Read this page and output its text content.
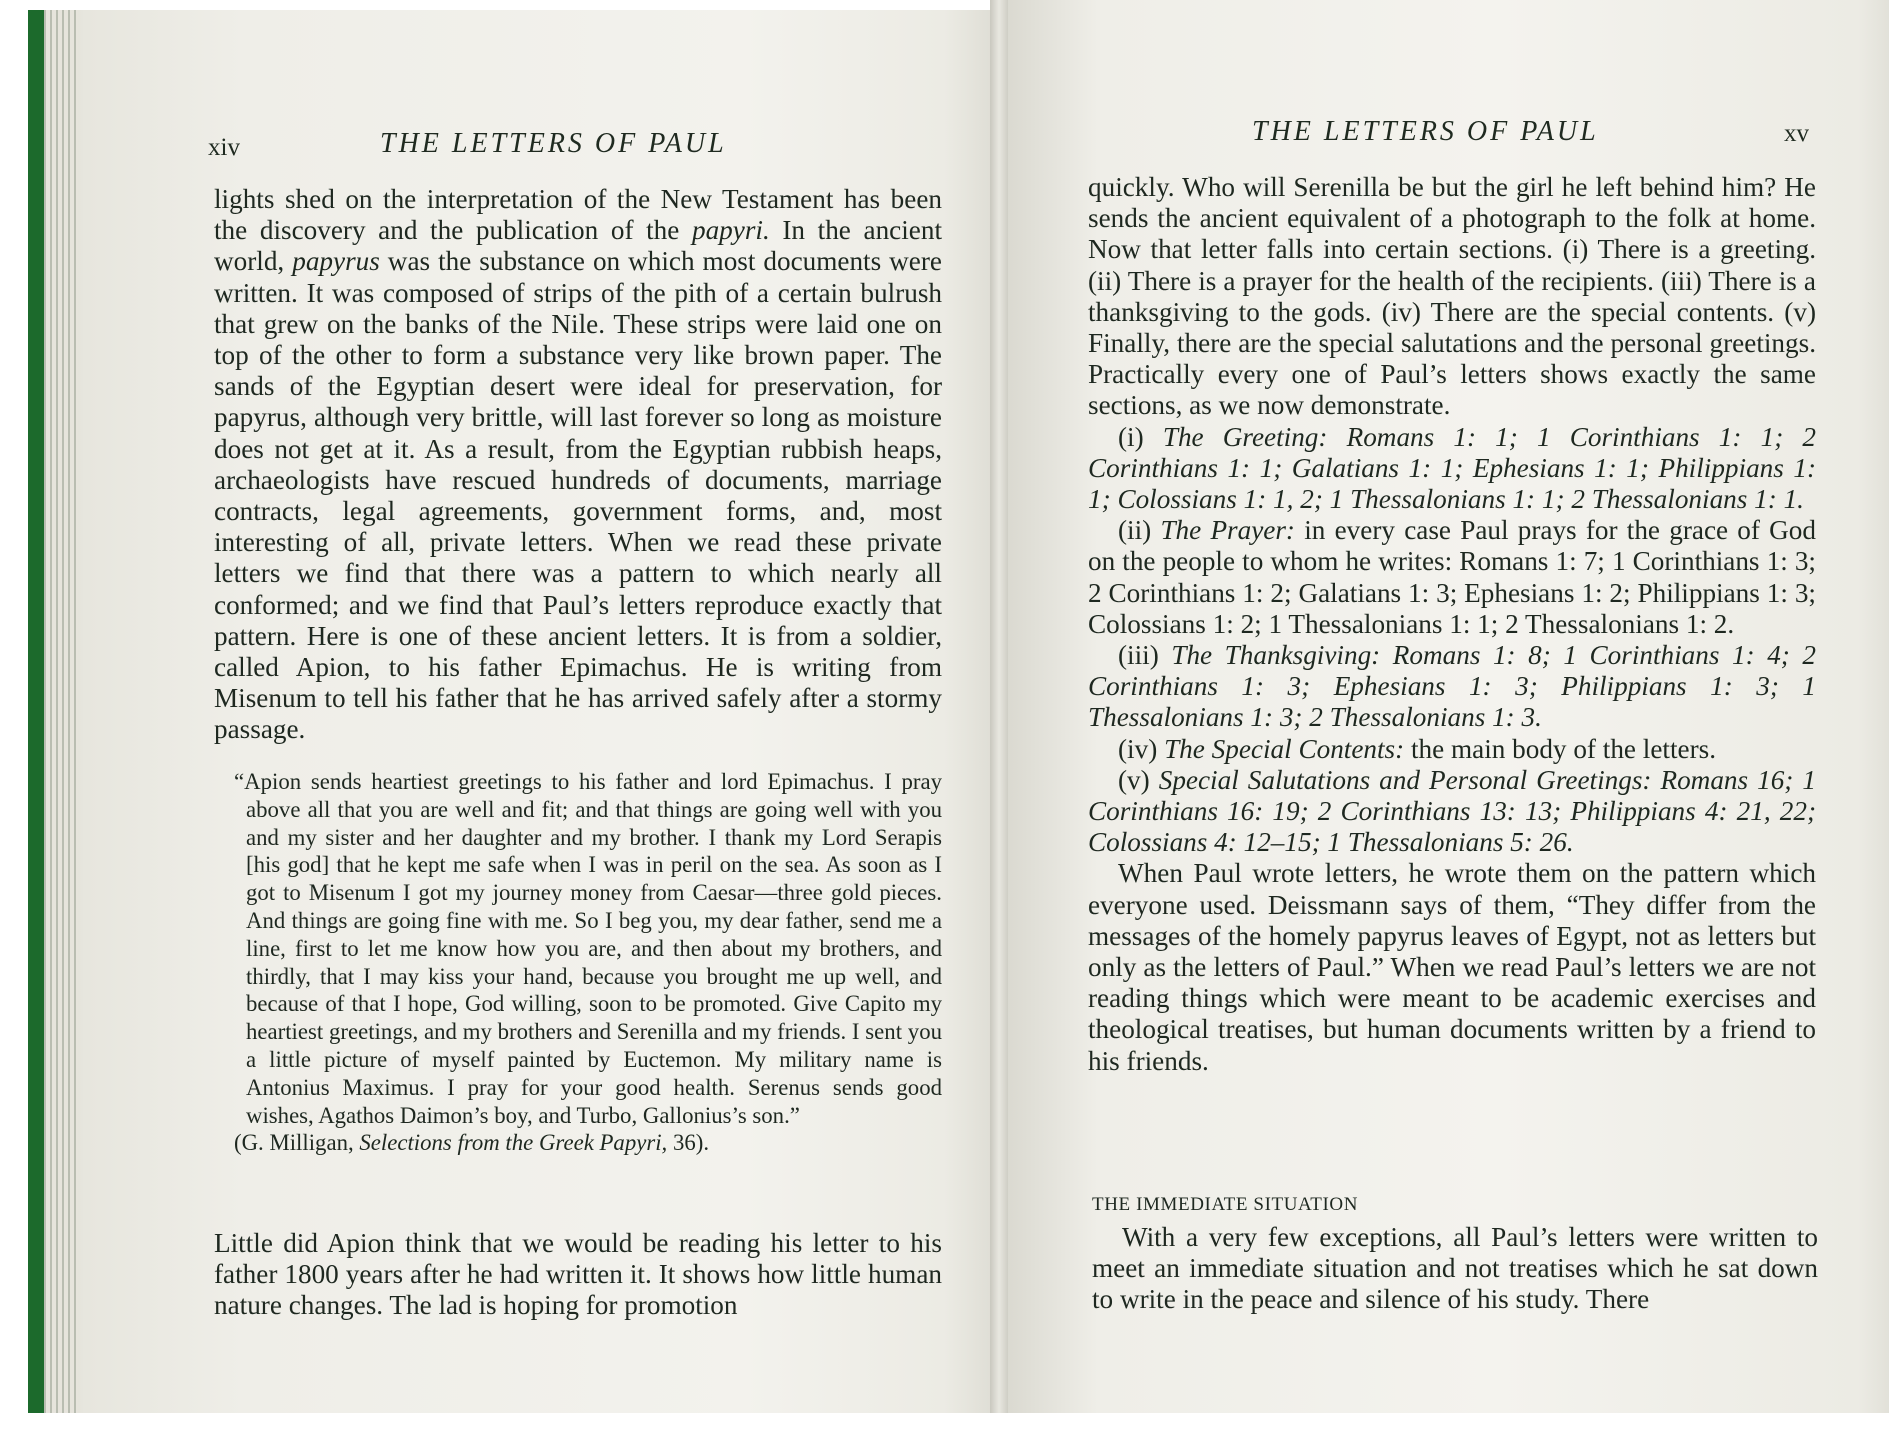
xiv	THE LETTERS OF PAUL

lights shed on the interpretation of the New Testament has been the discovery and the publication of the papyri. In the ancient world, papyrus was the substance on which most documents were written. It was composed of strips of the pith of a certain bulrush that grew on the banks of the Nile. These strips were laid one on top of the other to form a substance very like brown paper. The sands of the Egyptian desert were ideal for preservation, for papyrus, although very brittle, will last forever so long as moisture does not get at it. As a result, from the Egyptian rubbish heaps, archaeologists have rescued hundreds of documents, marriage contracts, legal agreements, government forms, and, most interesting of all, private letters. When we read these private letters we find that there was a pattern to which nearly all conformed; and we find that Paul’s letters reproduce exactly that pattern. Here is one of these ancient letters. It is from a soldier, called Apion, to his father Epimachus. He is writing from Misenum to tell his father that he has arrived safely after a stormy passage.

“Apion sends heartiest greetings to his father and lord Epimachus. I pray above all that you are well and fit; and that things are going well with you and my sister and her daughter and my brother. I thank my Lord Serapis [his god] that he kept me safe when I was in peril on the sea. As soon as I got to Misenum I got my journey money from Caesar—three gold pieces. And things are going fine with me. So I beg you, my dear father, send me a line, first to let me know how you are, and then about my brothers, and thirdly, that I may kiss your hand, because you brought me up well, and because of that I hope, God willing, soon to be promoted. Give Capito my heartiest greetings, and my brothers and Serenilla and my friends. I sent you a little picture of myself painted by Euctemon. My military name is Antonius Maximus. I pray for your good health. Serenus sends good wishes, Agathos Daimon’s boy, and Turbo, Gallonius’s son.”

(G. Milligan, Selections from the Greek Papyri, 36).

Little did Apion think that we would be reading his letter to his father 1800 years after he had written it. It shows how little human nature changes. The lad is hoping for promotion

THE LETTERS OF PAUL	xv

quickly. Who will Serenilla be but the girl he left behind him? He sends the ancient equivalent of a photograph to the folk at home. Now that letter falls into certain sections. (i) There is a greeting. (ii) There is a prayer for the health of the recipients. (iii) There is a thanksgiving to the gods. (iv) There are the special contents. (v) Finally, there are the special salutations and the personal greetings. Practically every one of Paul’s letters shows exactly the same sections, as we now demonstrate.

(i) The Greeting: Romans 1: 1; 1 Corinthians 1: 1; 2 Corinthians 1: 1; Galatians 1: 1; Ephesians 1: 1; Philippians 1: 1; Colossians 1: 1, 2; 1 Thessalonians 1: 1; 2 Thessalonians 1: 1.

(ii) The Prayer: in every case Paul prays for the grace of God on the people to whom he writes: Romans 1: 7; 1 Corinthians 1: 3; 2 Corinthians 1: 2; Galatians 1: 3; Ephesians 1: 2; Philippians 1: 3; Colossians 1: 2; 1 Thessalonians 1: 1; 2 Thessalonians 1: 2.

(iii) The Thanksgiving: Romans 1: 8; 1 Corinthians 1: 4; 2 Corinthians 1: 3; Ephesians 1: 3; Philippians 1: 3; 1 Thessalonians 1: 3; 2 Thessalonians 1: 3.

(iv) The Special Contents: the main body of the letters.

(v) Special Salutations and Personal Greetings: Romans 16; 1 Corinthians 16: 19; 2 Corinthians 13: 13; Philippians 4: 21, 22; Colossians 4: 12–15; 1 Thessalonians 5: 26.

When Paul wrote letters, he wrote them on the pattern which everyone used. Deissmann says of them, “They differ from the messages of the homely papyrus leaves of Egypt, not as letters but only as the letters of Paul.” When we read Paul’s letters we are not reading things which were meant to be academic exercises and theological treatises, but human documents written by a friend to his friends.

THE IMMEDIATE SITUATION

With a very few exceptions, all Paul’s letters were written to meet an immediate situation and not treatises which he sat down to write in the peace and silence of his study. There
